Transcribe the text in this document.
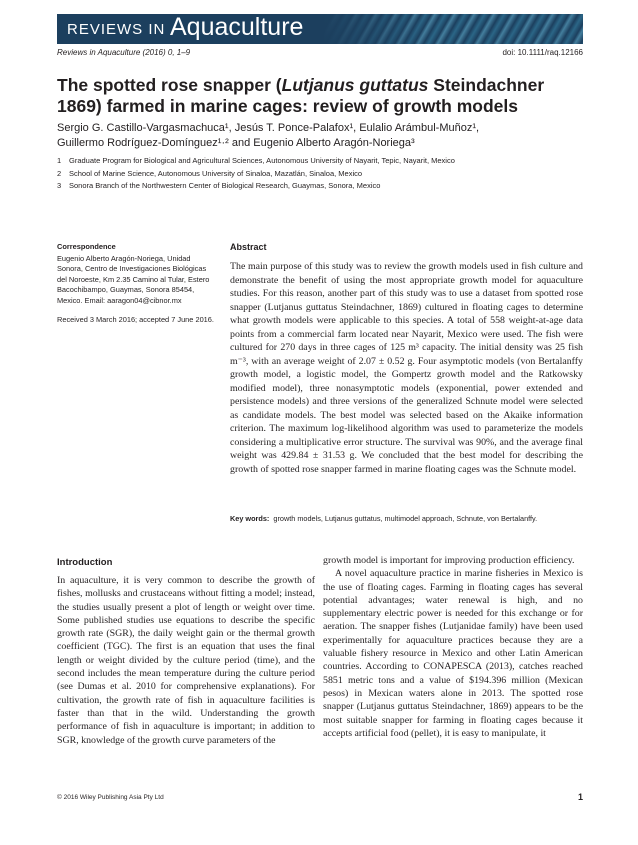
REVIEWS IN Aquaculture
Reviews in Aquaculture (2016) 0, 1–9	doi: 10.1111/raq.12166
The spotted rose snapper (Lutjanus guttatus Steindachner
1869) farmed in marine cages: review of growth models
Sergio G. Castillo-Vargasmachuca¹, Jesús T. Ponce-Palafox¹, Eulalio Arámbul-Muñoz¹,
Guillermo Rodríguez-Domínguez¹·² and Eugenio Alberto Aragón-Noriega³
1 Graduate Program for Biological and Agricultural Sciences, Autonomous University of Nayarit, Tepic, Nayarit, Mexico
2 School of Marine Science, Autonomous University of Sinaloa, Mazatlán, Sinaloa, Mexico
3 Sonora Branch of the Northwestern Center of Biological Research, Guaymas, Sonora, Mexico
Correspondence
Eugenio Alberto Aragón-Noriega, Unidad Sonora, Centro de Investigaciones Biológicas del Noroeste, Km 2.35 Camino al Tular, Estero Bacochibampo, Guaymas, Sonora 85454, Mexico. Email: aaragon04@cibnor.mx
Received 3 March 2016; accepted 7 June 2016.
Abstract

The main purpose of this study was to review the growth models used in fish culture and demonstrate the benefit of using the most appropriate growth model for aquaculture studies. For this reason, another part of this study was to use a dataset from spotted rose snapper (Lutjanus guttatus Steindachner, 1869) cultured in floating cages to determine what growth models were applicable to this species. A total of 558 weight-at-age data points from a commercial farm located near Nayarit, Mexico were used. The fish were cultured for 270 days in three cages of 125 m³ capacity. The initial density was 25 fish m⁻³, with an average weight of 2.07 ± 0.52 g. Four asymptotic models (von Bertalanffy growth model, a logistic model, the Gompertz growth model and the Ratkowsky modified model), three nonasymptotic models (exponential, power extended and persistence models) and three versions of the generalized Schnute model were selected as candidate models. The best model was selected based on the Akaike information criterion. The maximum log-likelihood algorithm was used to parameterize the models considering a multiplicative error structure. The survival was 90%, and the average final weight was 429.84 ± 31.53 g. We concluded that the best model for describing the growth of spotted rose snapper farmed in marine floating cages was the Schnute model.

Key words: growth models, Lutjanus guttatus, multimodel approach, Schnute, von Bertalanffy.
Introduction

In aquaculture, it is very common to describe the growth of fishes, mollusks and crustaceans without fitting a model; instead, the studies usually present a plot of length or weight over time. Some published studies use equations to describe the specific growth rate (SGR), the daily weight gain or the thermal growth coefficient (TGC). The first is an equation that uses the final length or weight divided by the culture period (time), and the second includes the mean temperature during the culture period (see Dumas et al. 2010 for comprehensive explanations). For cultivation, the growth rate of fish in aquaculture facilities is faster than that in the wild. Understanding the growth performance of fish in aquaculture is important; in addition to SGR, knowledge of the growth curve parameters of the

growth model is important for improving production efficiency.

A novel aquaculture practice in marine fisheries in Mexico is the use of floating cages. Farming in floating cages has several potential advantages; water renewal is high, and no supplementary electric power is needed for this exchange or for aeration. The snapper fishes (Lutjanidae family) have been used experimentally for aquaculture practices because they are a valuable fishery resource in Mexico and other Latin American countries. According to CONAPESCA (2013), catches reached 5851 metric tons and a value of $194.396 million (Mexican pesos) in Mexican waters alone in 2013. The spotted rose snapper (Lutjanus guttatus Steindachner, 1869) appears to be the most suitable snapper for farming in floating cages because it accepts artificial food (pellet), it is easy to manipulate, it

© 2016 Wiley Publishing Asia Pty Ltd	1
